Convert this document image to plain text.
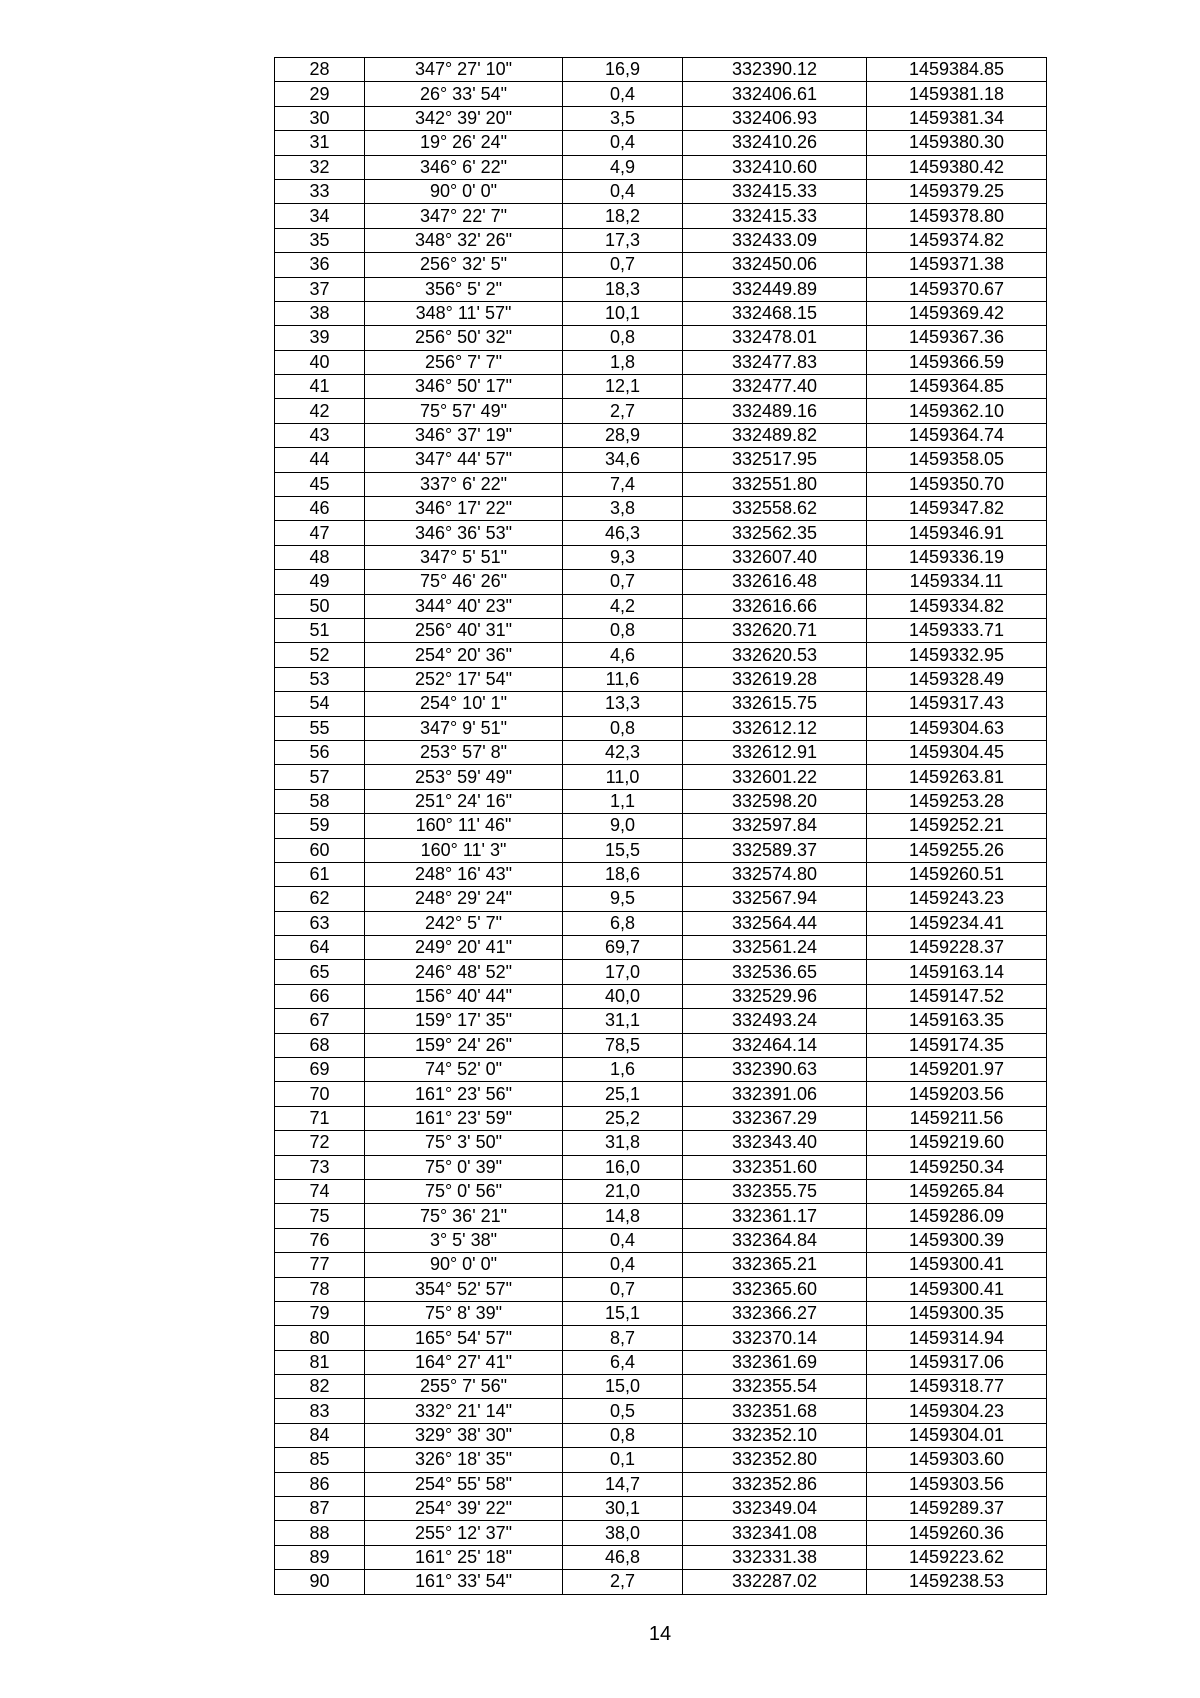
28	347° 27' 10"	16,9	332390.12	1459384.85
29	26° 33' 54"	0,4	332406.61	1459381.18
30	342° 39' 20"	3,5	332406.93	1459381.34
31	19° 26' 24"	0,4	332410.26	1459380.30
32	346° 6' 22"	4,9	332410.60	1459380.42
33	90° 0' 0"	0,4	332415.33	1459379.25
34	347° 22' 7"	18,2	332415.33	1459378.80
35	348° 32' 26"	17,3	332433.09	1459374.82
36	256° 32' 5"	0,7	332450.06	1459371.38
37	356° 5' 2"	18,3	332449.89	1459370.67
38	348° 11' 57"	10,1	332468.15	1459369.42
39	256° 50' 32"	0,8	332478.01	1459367.36
40	256° 7' 7"	1,8	332477.83	1459366.59
41	346° 50' 17"	12,1	332477.40	1459364.85
42	75° 57' 49"	2,7	332489.16	1459362.10
43	346° 37' 19"	28,9	332489.82	1459364.74
44	347° 44' 57"	34,6	332517.95	1459358.05
45	337° 6' 22"	7,4	332551.80	1459350.70
46	346° 17' 22"	3,8	332558.62	1459347.82
47	346° 36' 53"	46,3	332562.35	1459346.91
48	347° 5' 51"	9,3	332607.40	1459336.19
49	75° 46' 26"	0,7	332616.48	1459334.11
50	344° 40' 23"	4,2	332616.66	1459334.82
51	256° 40' 31"	0,8	332620.71	1459333.71
52	254° 20' 36"	4,6	332620.53	1459332.95
53	252° 17' 54"	11,6	332619.28	1459328.49
54	254° 10' 1"	13,3	332615.75	1459317.43
55	347° 9' 51"	0,8	332612.12	1459304.63
56	253° 57' 8"	42,3	332612.91	1459304.45
57	253° 59' 49"	11,0	332601.22	1459263.81
58	251° 24' 16"	1,1	332598.20	1459253.28
59	160° 11' 46"	9,0	332597.84	1459252.21
60	160° 11' 3"	15,5	332589.37	1459255.26
61	248° 16' 43"	18,6	332574.80	1459260.51
62	248° 29' 24"	9,5	332567.94	1459243.23
63	242° 5' 7"	6,8	332564.44	1459234.41
64	249° 20' 41"	69,7	332561.24	1459228.37
65	246° 48' 52"	17,0	332536.65	1459163.14
66	156° 40' 44"	40,0	332529.96	1459147.52
67	159° 17' 35"	31,1	332493.24	1459163.35
68	159° 24' 26"	78,5	332464.14	1459174.35
69	74° 52' 0"	1,6	332390.63	1459201.97
70	161° 23' 56"	25,1	332391.06	1459203.56
71	161° 23' 59"	25,2	332367.29	1459211.56
72	75° 3' 50"	31,8	332343.40	1459219.60
73	75° 0' 39"	16,0	332351.60	1459250.34
74	75° 0' 56"	21,0	332355.75	1459265.84
75	75° 36' 21"	14,8	332361.17	1459286.09
76	3° 5' 38"	0,4	332364.84	1459300.39
77	90° 0' 0"	0,4	332365.21	1459300.41
78	354° 52' 57"	0,7	332365.60	1459300.41
79	75° 8' 39"	15,1	332366.27	1459300.35
80	165° 54' 57"	8,7	332370.14	1459314.94
81	164° 27' 41"	6,4	332361.69	1459317.06
82	255° 7' 56"	15,0	332355.54	1459318.77
83	332° 21' 14"	0,5	332351.68	1459304.23
84	329° 38' 30"	0,8	332352.10	1459304.01
85	326° 18' 35"	0,1	332352.80	1459303.60
86	254° 55' 58"	14,7	332352.86	1459303.56
87	254° 39' 22"	30,1	332349.04	1459289.37
88	255° 12' 37"	38,0	332341.08	1459260.36
89	161° 25' 18"	46,8	332331.38	1459223.62
90	161° 33' 54"	2,7	332287.02	1459238.53
14
